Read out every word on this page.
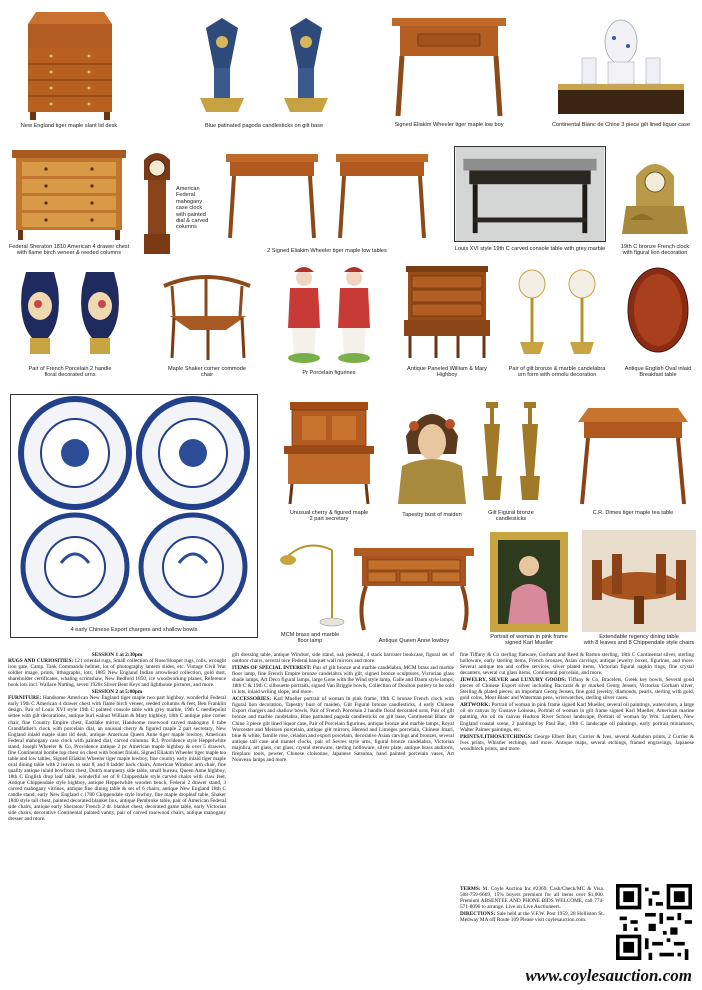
New England tiger maple slant lid desk	Blue patinated pagoda candlesticks on gilt base	Signed Eliakim Wheeler tiger maple low boy	Continental Blanc de Chine 3 piece gilt lined liquor case
Federal Sheraton 1810 American 4 drawer chest
with flame birch veneer & reeded columns
American Federal mahogany case clock with painted dial & carved columns
2 Signed Eliakim Wheeler tiger maple low tables	Louis XVI style 19th C carved console table with grey marble	19th C bronze French clock
with figural lion decoration
Pair of French Porcelain 2 handle
floral decorated urns
Maple Shaker corner commode
chair	Pr Porcelain figurines
Antique Paneled William & Mary
Highboy
Pair of gilt bronze & marble candelabra
urn form with ormolu decoration
Antique English Oval inlaid
Breakfast table
4 early Chinese Export chargers and shallow bowls
Unusual cherry & figured maple
2 part secretary
Tapestry bust of maiden	Gilt Figural bronze candlesticks
C.R. Dimes tiger maple tea table
MCM brass and marble
floor lamp	Antique Queen Anne lowboy
Portrait of woman in pink frame
signed Karl Mueller
Extendable regency dining table
with 8 leaves and 8 Chippendale style chairs
SESSION 1 at 2:30pm

RUGS AND CURIOSITIES: 121 oriental rugs, Small collection of Rose/Hooper rugs, rolls, wrought iron gate, Camp. Tank Commando helmet, lot of photography lantern slides, etc. Vintage Civil War soldier image, prints, lithographs, lots, 1885 New England Indian arrowhead collection, gold dust, shareholder certificates, whaling scrimshaw, New Bedford 1850, ice woodworking planes, Reference book lots incl. Wallace Nutting, seven 1920s Silver Bent Keys and lighthouse pictures, and more.

SESSION 2 at 5:00pm

FURNITURE: Handsome American New England tiger maple two part highboy, wonderful Federal early 19th C American 4 drawer chest with flame birch veneer, reeded columns & feet, Ben Franklin design. Pair of Louis XVI style 19th C painted console table with grey marble, 19th C needlepoint settee with gilt decorations, antique burl walnut William & Mary highboy, 18th C antique pine corner chair, fine Country Empire chest, Eastlake mirror, Handsome rosewood carved mahogany 6 tube Grandfather's clock with porcelain dial, an unusual cherry & figured maple 2 part secretary, New England inlaid maple slant lid desk, antique American Queen Anne tiger maple lowboy, American Federal mahogany case clock with painted dial, carved columns. R.I. Providence style Heppelwhite stand, Joseph Wheeler & Co, Providence antique 2 pc American maple highboy & over 5 drawers, fine Continental bombe top chest on chest with bonnet finials, Signed Eliakim Wheeler tiger maple tea table and low tables, Signed Eliakim Wheeler tiger maple lowboy, fine country early inlaid tiger maple oval dining table with 2 leaves to seat 8, and 8 ladder back chairs, American Windsor arm chair, fine quality antique inlaid bowfront chest, Dutch marquetry side table, small bureau, Queen Anne highboy, 18th C English drop leaf table, wonderful set of 8 Chippendale style carved chairs with claw feet, Antique Chippendale style highboy, antique Heppelwhite wooden bench, Federal 2 drawer stand, 3 carved mahogany vitrines, antique fine dining table & set of 6 chairs, antique New England 18th C candle stand, early New England c.1780 Chippendale style lowboy, fine maple dropleaf table, Shaker 1840 style tall chest, painted decorated blanket box, antique Pembroke table, pair of American Federal side chairs, antique early Sheraton/ French 2 dr. blanket chest, decorated game table, early Victorian side chairs, decorative Continental painted vanity, pair of carved rosewood chairs, antique mahogany dresser and more.

gilt dressing table, antique Windsor, side stand, oak pedestal, 4 stack barrister bookcase, figural set of outdoor chairs, several nice Federal banquet wall mirrors and more.

ITEMS OF SPECIAL INTEREST: Pair of gilt bronze and marble candelabra, MCM brass and marble floor lamp, fine French Empire bronze candelabra with gilt, signed bronze sculptures, Victorian glass shade lamps, Art Deco figural lamps, large Gone with the Wind style lamp, Galle and Daum style lamps, 18th C & 19th C silhouette portraits, signed Van Briggle bowls, Collection of Doulton pottery to be sold in lots, inlaid writing slope, and more.

ACCESSORIES: Karl Mueller portrait of woman in pink frame, 19th C bronze French clock with figural lion decoration, Tapestry bust of maiden, Gilt Figural bronze candlesticks, 4 early Chinese Export chargers and shallow bowls, Pair of French Porcelain 2 handle floral decorated urns, Pair of gilt bronze and marble candelabra, Blue patinated pagoda candlesticks on gilt base, Continental Blanc de Chine 3 piece gilt lined liquor case, Pair of Porcelain figurines, antique bronze and marble lamps, Royal Worcester and Meissen porcelain, antique gilt mirrors, Herend and Limoges porcelain, Chinese Imari, blue & white, famille rose, celadon and export porcelain, decorative Asian carvings and bronzes, several antique tall case and mantel clocks, pair of Sevres style urns, figural bronze candelabra, Victorian majolica, art glass, cut glass, crystal stemware, sterling holloware, silver plate, antique brass andirons, fireplace tools, pewter, Chinese cloisonne, Japanese Satsuma, hand painted porcelain vases, Art Nouveau lamps and more.

fine Tiffany & Co sterling flatware, Gorham and Reed & Barton sterling, 18th C Continental silver, sterling holloware, early sterling items, French bronzes, Asian carvings, antique jewelry boxes, figurines, and more. Several antique tea and coffee services, silver plated items, Victorian figural napkin rings, fine crystal decanters, several cut glass items, Continental porcelain, and more.

JEWELRY, SILVER and LUXURY GOODS: Tiffany & Co, Bracelets, Greek key bowls, Several good pieces of Chinese Export silver including Baccarat & pr marked Georg Jensen, Victorian Gorham silver, Sterling & plated pieces, an important Georg Jensen, fine gold jewelry, diamonds, pearls, sterling with gold, gold coins, Mont Blanc and Waterman pens, wristwatches, sterling silver cases.

ARTWORK: Portrait of woman in pink frame signed Karl Mueller, several oil paintings, watercolors, a large oil on canvas by Gustave Loiseau, Portrait of woman in gilt frame signed Karl Mueller, American marine painting, An oil on canvas Hudson River School landscape, Portrait of woman by Wm. Lambert, New England coastal scene, 2 paintings by Paul Bac, 19th C landscape oil paintings, early portrait miniatures, Walter Palmer paintings, etc.

PRINTS/LITHOS/ETCHINGS: George Elbert Burr, Currier & Ives, several Audubon prints, 2 Currier & Ives prints, Whistler etchings, and more. Antique maps, several etchings, framed engravings, Japanese woodblock prints, and more.

TERMS: M. Coyle Auction Inc #2369. Cash/Check/MC & Visa. 508-759-6669, 15% buyers premium for all items over $1,000. Premium ABSENTEE AND PHONE BIDS WELCOME, call 774-571-8096 to arrange. Live on Live Auctioneers.

DIRECTIONS: Sale held at the V.F.W. Post 1959, 28 Holliston St. Medway MA off Route 109 Please visit coylesauction.com.

www.coylesauction.com
